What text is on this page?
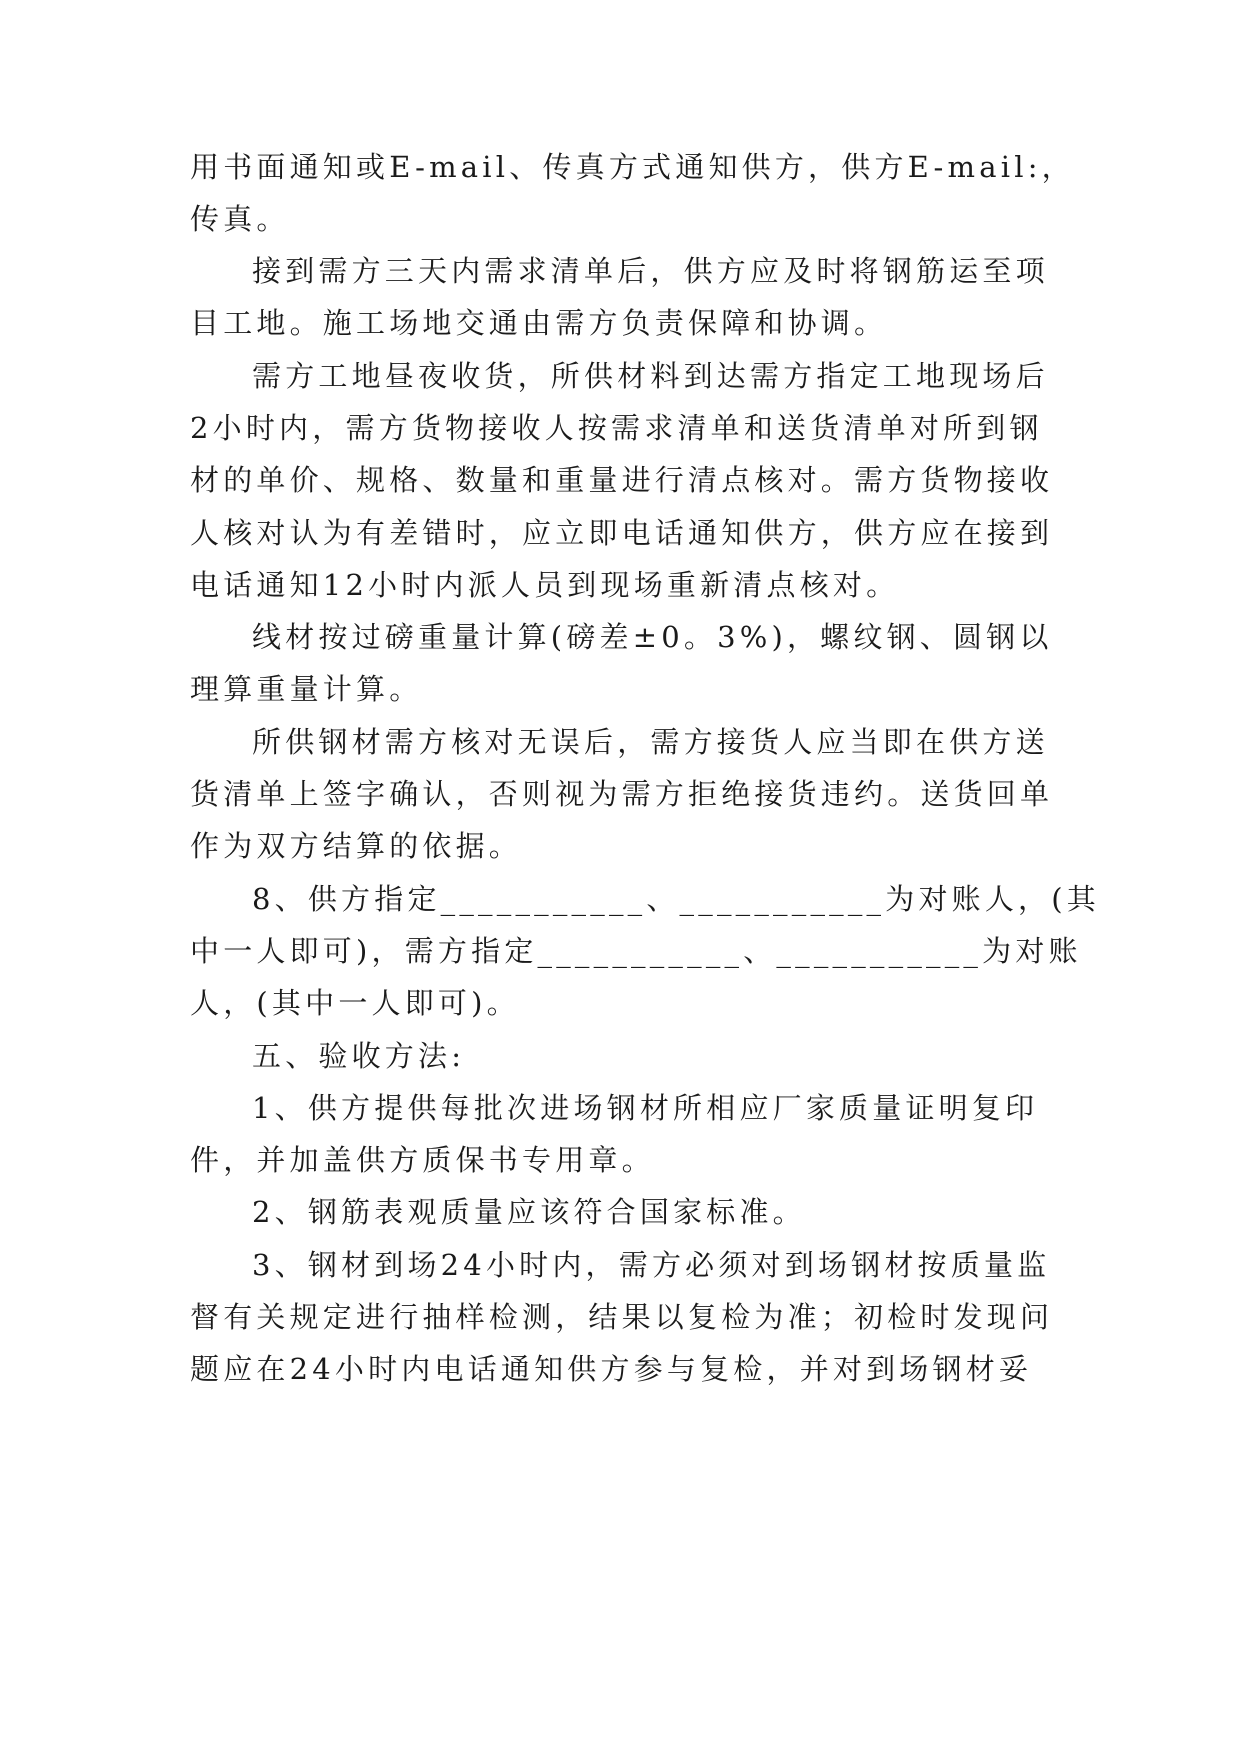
用书面通知或E-mail、传真方式通知供方，供方E-mail:，
传真。
接到需方三天内需求清单后，供方应及时将钢筋运至项
目工地。施工场地交通由需方负责保障和协调。
需方工地昼夜收货，所供材料到达需方指定工地现场后
2小时内，需方货物接收人按需求清单和送货清单对所到钢
材的单价、规格、数量和重量进行清点核对。需方货物接收
人核对认为有差错时，应立即电话通知供方，供方应在接到
电话通知12小时内派人员到现场重新清点核对。
线材按过磅重量计算(磅差±0。3%)，螺纹钢、圆钢以
理算重量计算。
所供钢材需方核对无误后，需方接货人应当即在供方送
货清单上签字确认，否则视为需方拒绝接货违约。送货回单
作为双方结算的依据。
8、供方指定___________、___________为对账人，(其
中一人即可)，需方指定___________、___________为对账
人，(其中一人即可)。
五、验收方法:
1、供方提供每批次进场钢材所相应厂家质量证明复印
件，并加盖供方质保书专用章。
2、钢筋表观质量应该符合国家标准。
3、钢材到场24小时内，需方必须对到场钢材按质量监
督有关规定进行抽样检测，结果以复检为准；初检时发现问
题应在24小时内电话通知供方参与复检，并对到场钢材妥
